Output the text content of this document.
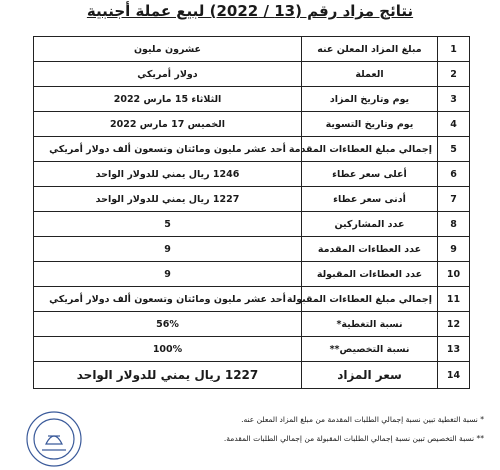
نتائج مزاد رقم (13 / 2022) لبيع عملة أجنبية
1	مبلغ المزاد المعلن عنه	عشرون مليون
2	العملة	دولار أمريكي
3	يوم وتاريخ المزاد	الثلاثاء 15 مارس 2022
4	يوم وتاريخ التسوية	الخميس 17 مارس 2022
5	إجمالي مبلغ العطاءات المقدمة	أحد عشر مليون ومائتان وتسعون ألف دولار أمريكي
6	أعلى سعر عطاء	1246 ريال يمني للدولار الواحد
7	أدنى سعر عطاء	1227 ريال يمني للدولار الواحد
8	عدد المشاركين	5
9	عدد العطاءات المقدمة	9
10	عدد العطاءات المقبولة	9
11	إجمالي مبلغ العطاءات المقبولة	أحد عشر مليون ومائتان وتسعون ألف دولار أمريكي
12	نسبة التغطية*	56%
13	نسبة التخصيص**	100%
14	سعر المزاد	1227 ريال يمني للدولار الواحد
* نسبة التغطية تبين نسبة إجمالي الطلبات المقدمة من مبلغ المزاد المعلن عنه.
** نسبة التخصيص تبين نسبة إجمالي الطلبات المقبولة من إجمالي الطلبات المقدمة.
